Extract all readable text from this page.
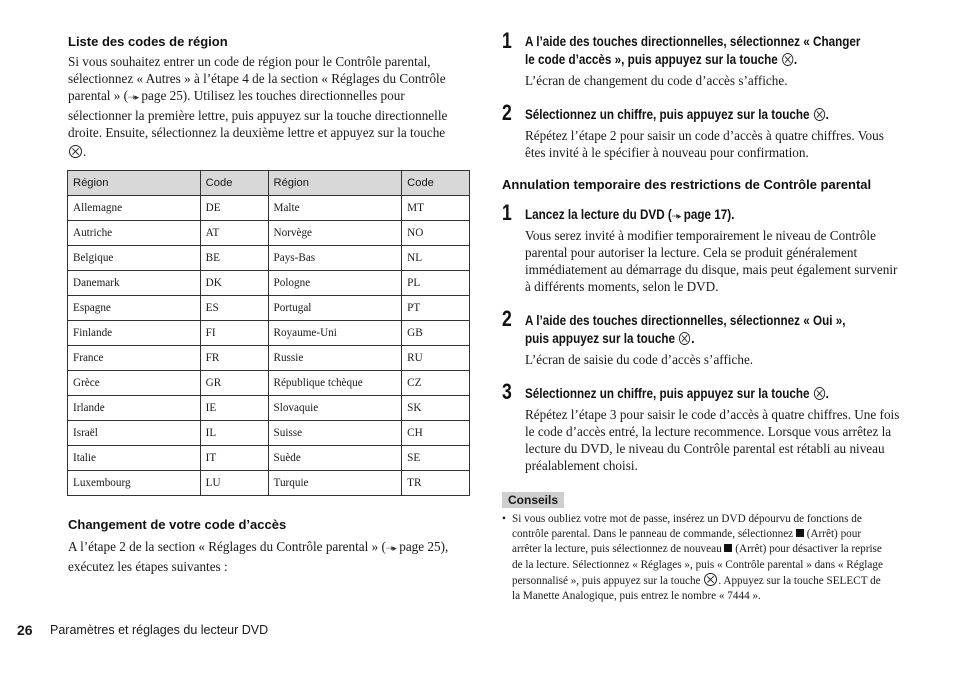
Liste des codes de région
Si vous souhaitez entrer un code de région pour le Contrôle parental,
sélectionnez « Autres » à l’étape 4 de la section « Réglages du Contrôle
parental » (⇢▸ page 25). Utilisez les touches directionnelles pour
sélectionner la première lettre, puis appuyez sur la touche directionnelle
droite. Ensuite, sélectionnez la deuxième lettre et appuyez sur la touche
.
Région	Code	Région	Code
Allemagne	DE	Malte	MT
Autriche	AT	Norvège	NO
Belgique	BE	Pays-Bas	NL
Danemark	DK	Pologne	PL
Espagne	ES	Portugal	PT
Finlande	FI	Royaume-Uni	GB
France	FR	Russie	RU
Grèce	GR	République tchèque	CZ
Irlande	IE	Slovaquie	SK
Israël	IL	Suisse	CH
Italie	IT	Suède	SE
Luxembourg	LU	Turquie	TR
Changement de votre code d’accès
A l’étape 2 de la section « Réglages du Contrôle parental » (⇢▸ page 25),
exécutez les étapes suivantes :
1 A l’aide des touches directionnelles, sélectionnez « Changer
le code d’accès », puis appuyez sur la touche .
L’écran de changement du code d’accès s’affiche.
2 Sélectionnez un chiffre, puis appuyez sur la touche .
Répétez l’étape 2 pour saisir un code d’accès à quatre chiffres. Vous
êtes invité à le spécifier à nouveau pour confirmation.
Annulation temporaire des restrictions de Contrôle parental
1 Lancez la lecture du DVD (⇢▸ page 17).
Vous serez invité à modifier temporairement le niveau de Contrôle
parental pour autoriser la lecture. Cela se produit généralement
immédiatement au démarrage du disque, mais peut également survenir
à différents moments, selon le DVD.
2 A l’aide des touches directionnelles, sélectionnez « Oui »,
puis appuyez sur la touche .
L’écran de saisie du code d’accès s’affiche.
3 Sélectionnez un chiffre, puis appuyez sur la touche .
Répétez l’étape 3 pour saisir le code d’accès à quatre chiffres. Une fois
le code d’accès entré, la lecture recommence. Lorsque vous arrêtez la
lecture du DVD, le niveau du Contrôle parental est rétabli au niveau
préalablement choisi.
Conseils
• Si vous oubliez votre mot de passe, insérez un DVD dépourvu de fonctions de
contrôle parental. Dans le panneau de commande, sélectionnez (Arrêt) pour
arrêter la lecture, puis sélectionnez de nouveau (Arrêt) pour désactiver la reprise
de la lecture. Sélectionnez « Réglages », puis « Contrôle parental » dans « Réglage
personnalisé », puis appuyez sur la touche . Appuyez sur la touche SELECT de
la Manette Analogique, puis entrez le nombre « 7444 ».
26 Paramètres et réglages du lecteur DVD
